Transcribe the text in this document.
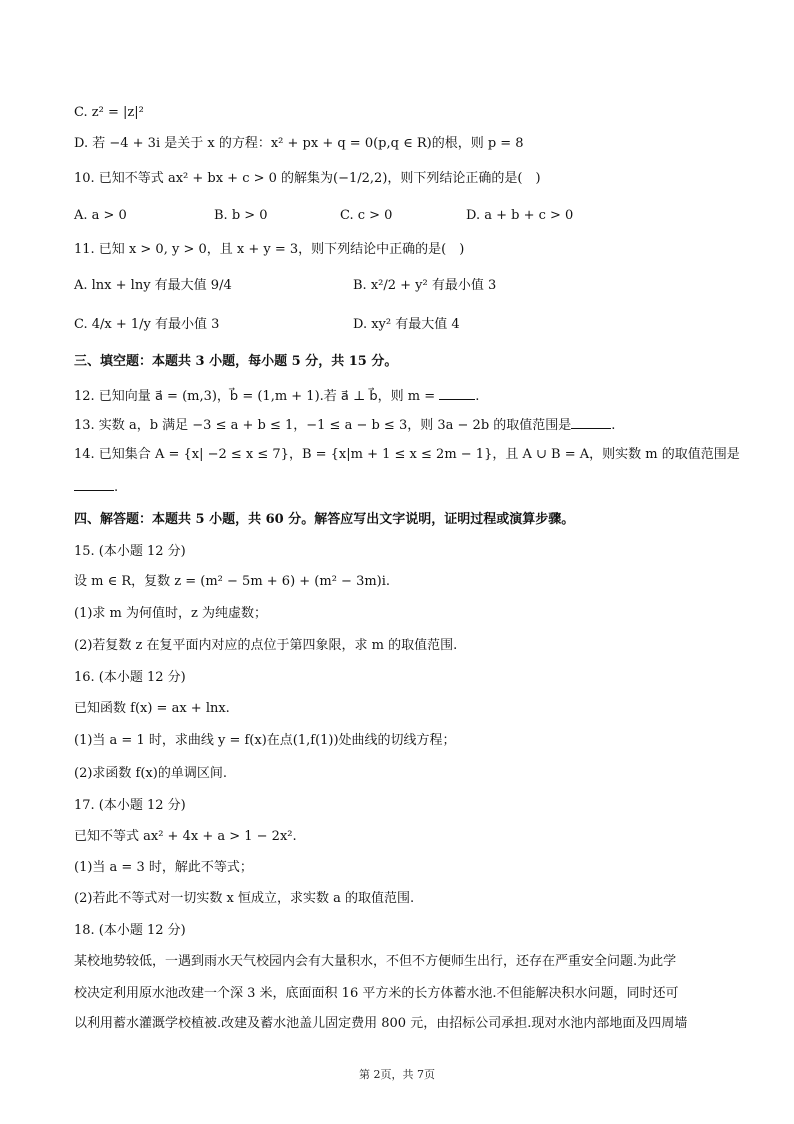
C. z² = |z|²
D. 若 −4 + 3i 是关于 x 的方程：x² + px + q = 0(p,q ∈ R)的根，则 p = 8
10. 已知不等式 ax² + bx + c > 0 的解集为(−1/2,2)，则下列结论正确的是(　)
A. a > 0	B. b > 0	C. c > 0	D. a + b + c > 0
11. 已知 x > 0, y > 0，且 x + y = 3，则下列结论中正确的是(　)
A. lnx + lny 有最大值 9/4	B. x²/2 + y² 有最小值 3
C. 4/x + 1/y 有最小值 3	D. xy² 有最大值 4
三、填空题：本题共 3 小题，每小题 5 分，共 15 分。
12. 已知向量 a⃗ = (m,3)，b⃗ = (1,m + 1).若 a⃗ ⊥ b⃗，则 m =	.
13. 实数 a，b 满足 −3 ≤ a + b ≤ 1，−1 ≤ a − b ≤ 3，则 3a − 2b 的取值范围是	.
14. 已知集合 A = {x| −2 ≤ x ≤ 7}，B = {x|m + 1 ≤ x ≤ 2m − 1}，且 A ∪ B = A，则实数 m 的取值范围是
.
四、解答题：本题共 5 小题，共 60 分。解答应写出文字说明，证明过程或演算步骤。
15. (本小题 12 分)
设 m ∈ R，复数 z = (m² − 5m + 6) + (m² − 3m)i.
(1)求 m 为何值时，z 为纯虚数；
(2)若复数 z 在复平面内对应的点位于第四象限，求 m 的取值范围.
16. (本小题 12 分)
已知函数 f(x) = ax + lnx.
(1)当 a = 1 时，求曲线 y = f(x)在点(1,f(1))处曲线的切线方程；
(2)求函数 f(x)的单调区间.
17. (本小题 12 分)
已知不等式 ax² + 4x + a > 1 − 2x².
(1)当 a = 3 时，解此不等式；
(2)若此不等式对一切实数 x 恒成立，求实数 a 的取值范围.
18. (本小题 12 分)
某校地势较低，一遇到雨水天气校园内会有大量积水，不但不方便师生出行，还存在严重安全问题.为此学
校决定利用原水池改建一个深 3 米，底面面积 16 平方米的长方体蓄水池.不但能解决积水问题，同时还可
以利用蓄水灌溉学校植被.改建及蓄水池盖儿固定费用 800 元，由招标公司承担.现对水池内部地面及四周墙
第 2页，共 7页
